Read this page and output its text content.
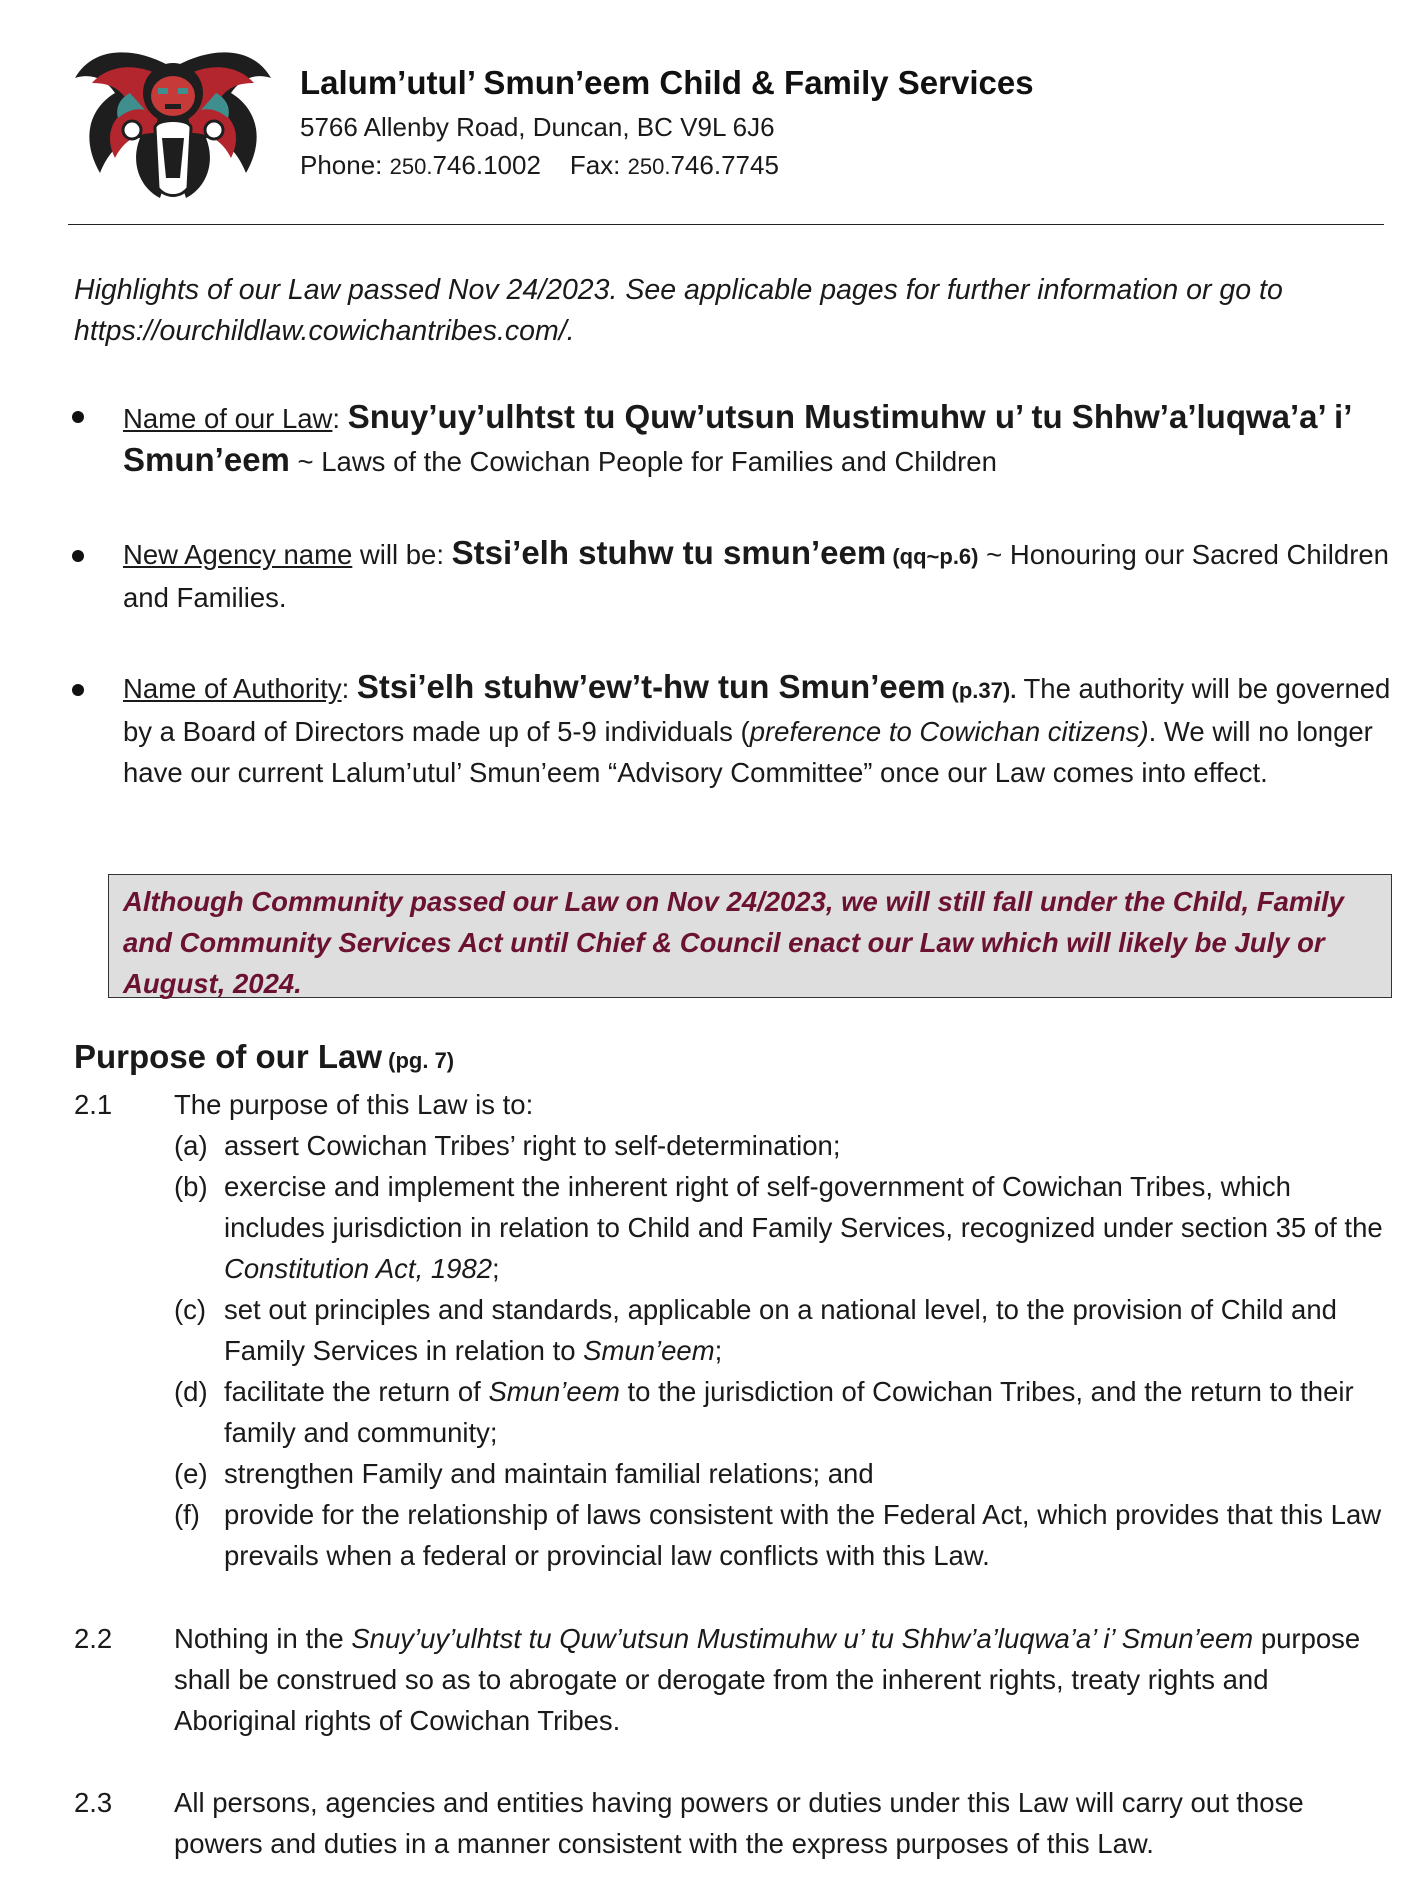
Lalum’utul’ Smun’eem Child & Family Services
5766 Allenby Road, Duncan, BC V9L 6J6
Phone: 250.746.1002 Fax: 250.746.7745
Highlights of our Law passed Nov 24/2023. See applicable pages for further information or go to https://ourchildlaw.cowichantribes.com/.
Name of our Law: Snuy’uy’ulhtst tu Quw’utsun Mustimuhw u’ tu Shhw’a’luqwa’a’ i’ Smun’eem ~ Laws of the Cowichan People for Families and Children
New Agency name will be: Stsi’elh stuhw tu smun’eem (qq~p.6) ~ Honouring our Sacred Children and Families.
Name of Authority: Stsi’elh stuhw’ew’t-hw tun Smun’eem (p.37). The authority will be governed by a Board of Directors made up of 5-9 individuals (preference to Cowichan citizens). We will no longer have our current Lalum’utul’ Smun’eem “Advisory Committee” once our Law comes into effect.
Although Community passed our Law on Nov 24/2023, we will still fall under the Child, Family and Community Services Act until Chief & Council enact our Law which will likely be July or August, 2024.
Purpose of our Law (pg. 7)
2.1 The purpose of this Law is to:
(a) assert Cowichan Tribes’ right to self-determination;
(b) exercise and implement the inherent right of self-government of Cowichan Tribes, which includes jurisdiction in relation to Child and Family Services, recognized under section 35 of the Constitution Act, 1982;
(c) set out principles and standards, applicable on a national level, to the provision of Child and Family Services in relation to Smun’eem;
(d) facilitate the return of Smun’eem to the jurisdiction of Cowichan Tribes, and the return to their family and community;
(e) strengthen Family and maintain familial relations; and
(f) provide for the relationship of laws consistent with the Federal Act, which provides that this Law prevails when a federal or provincial law conflicts with this Law.
2.2 Nothing in the Snuy’uy’ulhtst tu Quw’utsun Mustimuhw u’ tu Shhw’a’luqwa’a’ i’ Smun’eem purpose shall be construed so as to abrogate or derogate from the inherent rights, treaty rights and Aboriginal rights of Cowichan Tribes.
2.3 All persons, agencies and entities having powers or duties under this Law will carry out those powers and duties in a manner consistent with the express purposes of this Law.
